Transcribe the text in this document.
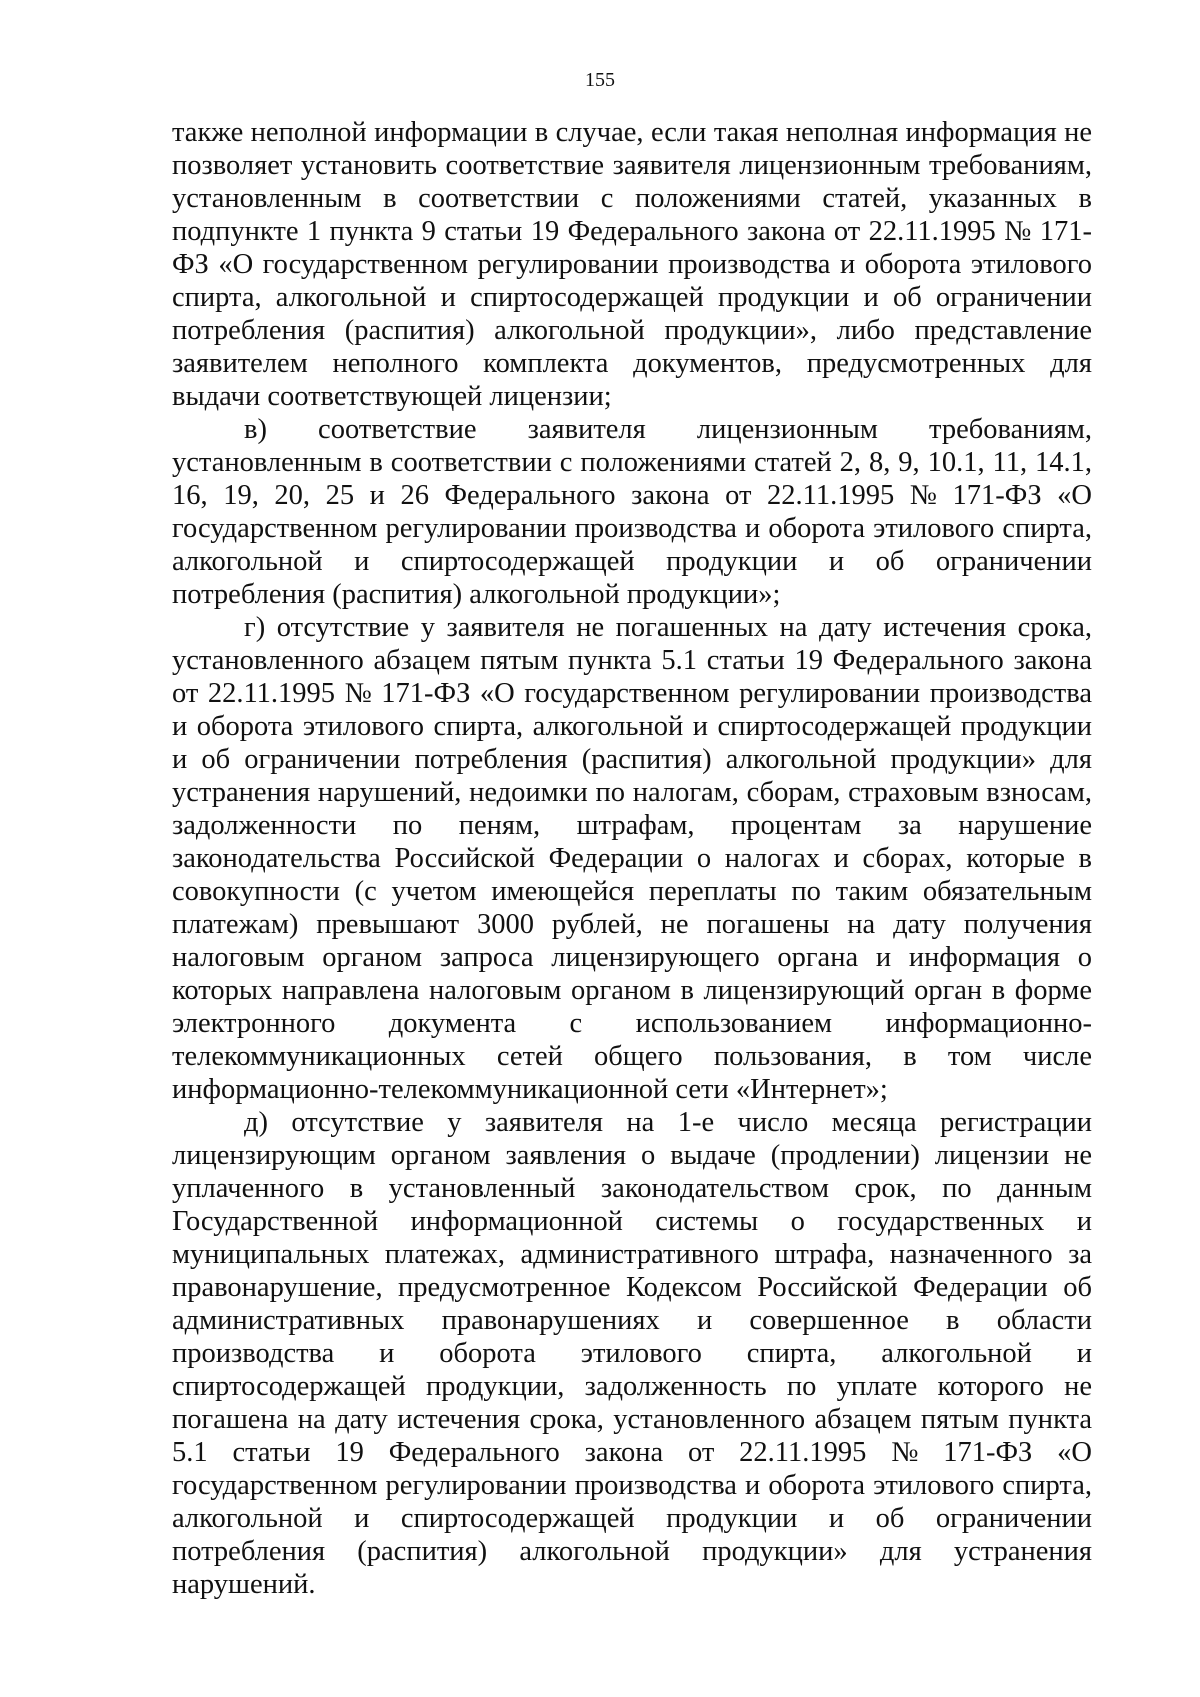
155
также неполной информации в случае, если такая неполная информация не
позволяет установить соответствие заявителя лицензионным требованиям,
установленным в соответствии с положениями статей, указанных в
подпункте 1 пункта 9 статьи 19 Федерального закона от 22.11.1995 № 171-
ФЗ «О государственном регулировании производства и оборота этилового
спирта, алкогольной и спиртосодержащей продукции и об ограничении
потребления (распития) алкогольной продукции», либо представление
заявителем неполного комплекта документов, предусмотренных для
выдачи соответствующей лицензии;
в) соответствие заявителя лицензионным требованиям,
установленным в соответствии с положениями статей 2, 8, 9, 10.1, 11, 14.1,
16, 19, 20, 25 и 26 Федерального закона от 22.11.1995 № 171-ФЗ «О
государственном регулировании производства и оборота этилового спирта,
алкогольной и спиртосодержащей продукции и об ограничении
потребления (распития) алкогольной продукции»;
г) отсутствие у заявителя не погашенных на дату истечения срока,
установленного абзацем пятым пункта 5.1 статьи 19 Федерального закона
от 22.11.1995 № 171-ФЗ «О государственном регулировании производства
и оборота этилового спирта, алкогольной и спиртосодержащей продукции
и об ограничении потребления (распития) алкогольной продукции» для
устранения нарушений, недоимки по налогам, сборам, страховым взносам,
задолженности по пеням, штрафам, процентам за нарушение
законодательства Российской Федерации о налогах и сборах, которые в
совокупности (с учетом имеющейся переплаты по таким обязательным
платежам) превышают 3000 рублей, не погашены на дату получения
налоговым органом запроса лицензирующего органа и информация о
которых направлена налоговым органом в лицензирующий орган в форме
электронного документа с использованием информационно-
телекоммуникационных сетей общего пользования, в том числе
информационно-телекоммуникационной сети «Интернет»;
д) отсутствие у заявителя на 1-е число месяца регистрации
лицензирующим органом заявления о выдаче (продлении) лицензии не
уплаченного в установленный законодательством срок, по данным
Государственной информационной системы о государственных и
муниципальных платежах, административного штрафа, назначенного за
правонарушение, предусмотренное Кодексом Российской Федерации об
административных правонарушениях и совершенное в области
производства и оборота этилового спирта, алкогольной и
спиртосодержащей продукции, задолженность по уплате которого не
погашена на дату истечения срока, установленного абзацем пятым пункта
5.1 статьи 19 Федерального закона от 22.11.1995 № 171-ФЗ «О
государственном регулировании производства и оборота этилового спирта,
алкогольной и спиртосодержащей продукции и об ограничении
потребления (распития) алкогольной продукции» для устранения
нарушений.
